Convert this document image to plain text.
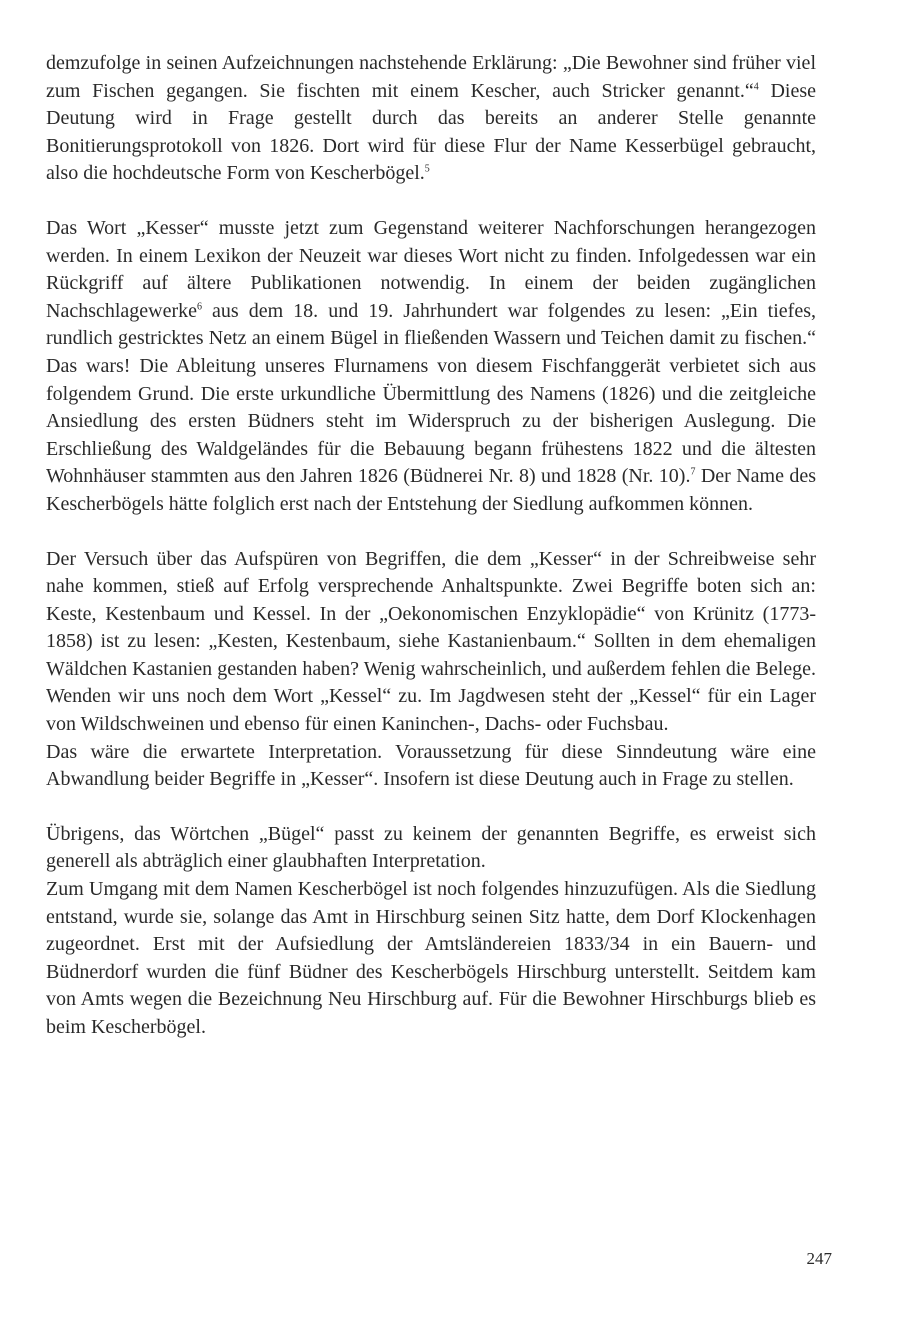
demzufolge in seinen Aufzeichnungen nachstehende Erklärung: „Die Bewohner sind früher viel zum Fischen gegangen. Sie fischten mit einem Kescher, auch Stricker genannt.“$^4$ Diese Deutung wird in Frage gestellt durch das bereits an anderer Stelle genannte Bonitierungsprotokoll von 1826. Dort wird für diese Flur der Name Kesserbügel gebraucht, also die hochdeutsche Form von Kescherbögel.$^5$

Das Wort „Kesser“ musste jetzt zum Gegenstand weiterer Nachforschungen herangezogen werden. In einem Lexikon der Neuzeit war dieses Wort nicht zu finden. Infolgedessen war ein Rückgriff auf ältere Publikationen notwendig. In einem der beiden zugänglichen Nachschlagewerke$^6$ aus dem 18. und 19. Jahrhundert war folgendes zu lesen: „Ein tiefes, rundlich gestricktes Netz an einem Bügel in fließenden Wassern und Teichen damit zu fischen.“ Das wars! Die Ableitung unseres Flurnamens von diesem Fischfanggerät verbietet sich aus folgendem Grund. Die erste urkundliche Übermittlung des Namens (1826) und die zeitgleiche Ansiedlung des ersten Büdners steht im Widerspruch zu der bisherigen Auslegung. Die Erschließung des Waldgeländes für die Bebauung begann frühestens 1822 und die ältesten Wohnhäuser stammten aus den Jahren 1826 (Büdnerei Nr. 8) und 1828 (Nr. 10).$^7$ Der Name des Kescherbögels hätte folglich erst nach der Entstehung der Siedlung aufkommen können.

Der Versuch über das Aufspüren von Begriffen, die dem „Kesser“ in der Schreibweise sehr nahe kommen, stieß auf Erfolg versprechende Anhaltspunkte. Zwei Begriffe boten sich an: Keste, Kestenbaum und Kessel. In der „Oekonomischen Enzyklopädie“ von Krünitz (1773-1858) ist zu lesen: „Kesten, Kestenbaum, siehe Kastanienbaum.“ Sollten in dem ehemaligen Wäldchen Kastanien gestanden haben? Wenig wahrscheinlich, und außerdem fehlen die Belege. Wenden wir uns noch dem Wort „Kessel“ zu. Im Jagdwesen steht der „Kessel“ für ein Lager von Wildschweinen und ebenso für einen Kaninchen-, Dachs- oder Fuchsbau.

Das wäre die erwartete Interpretation. Voraussetzung für diese Sinndeutung wäre eine Abwandlung beider Begriffe in „Kesser“. Insofern ist diese Deutung auch in Frage zu stellen.

Übrigens, das Wörtchen „Bügel“ passt zu keinem der genannten Begriffe, es erweist sich generell als abträglich einer glaubhaften Interpretation.

Zum Umgang mit dem Namen Kescherbögel ist noch folgendes hinzuzufügen. Als die Siedlung entstand, wurde sie, solange das Amt in Hirschburg seinen Sitz hatte, dem Dorf Klockenhagen zugeordnet. Erst mit der Aufsiedlung der Amtsländereien 1833/34 in ein Bauern- und Büdnerdorf wurden die fünf Büdner des Kescherbögels Hirschburg unterstellt. Seitdem kam von Amts wegen die Bezeichnung Neu Hirschburg auf. Für die Bewohner Hirschburgs blieb es beim Kescherbögel.

247
